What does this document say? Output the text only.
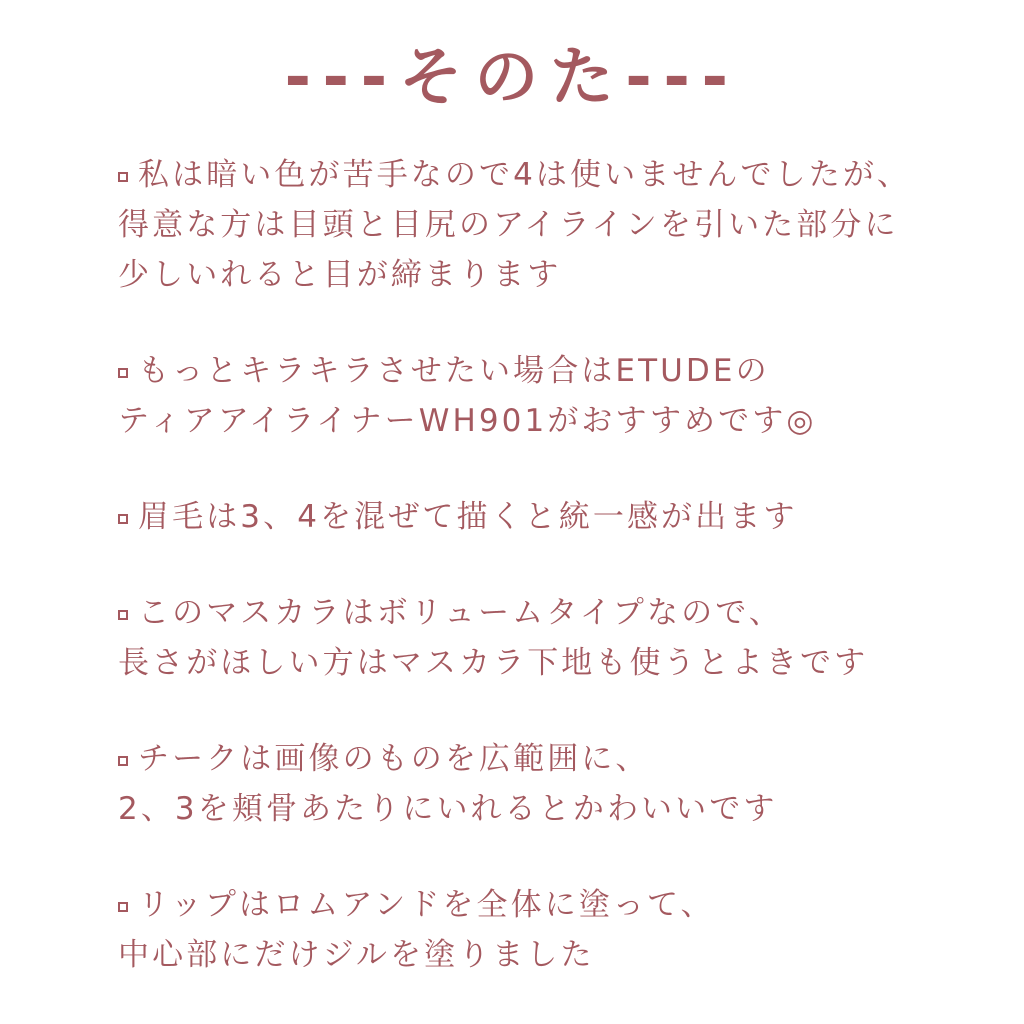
---そのた---
私は暗い色が苦手なので4は使いませんでしたが、
得意な方は目頭と目尻のアイラインを引いた部分に
少しいれると目が締まります
もっとキラキラさせたい場合はETUDEの
ティアアイライナーWH901がおすすめです◎
眉毛は3、4を混ぜて描くと統一感が出ます
このマスカラはボリュームタイプなので、
長さがほしい方はマスカラ下地も使うとよきです
チークは画像のものを広範囲に、
2、3を頬骨あたりにいれるとかわいいです
リップはロムアンドを全体に塗って、
中心部にだけジルを塗りました
